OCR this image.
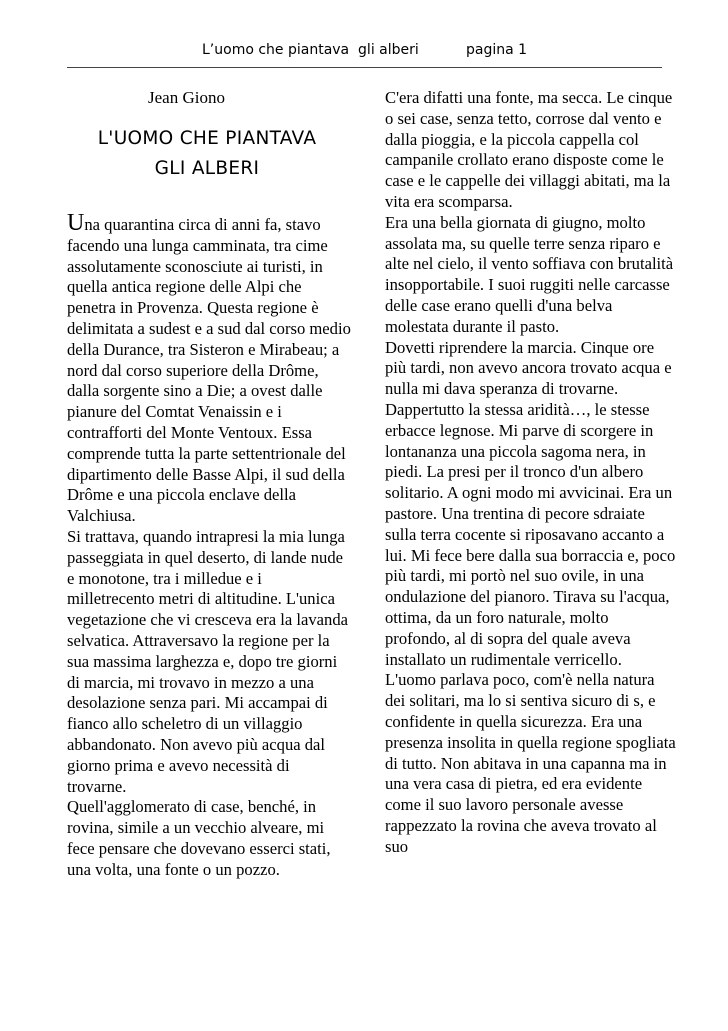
L’uomo che piantava  gli alberi	pagina 1
Jean Giono
L'UOMO CHE PIANTAVA
GLI ALBERI

Una quarantina circa di anni fa, stavo facendo una lunga camminata, tra cime assolutamente sconosciute ai turisti, in quella antica regione delle Alpi che penetra in Provenza. Questa regione è delimitata a sudest e a sud dal corso medio della Durance, tra Sisteron e Mirabeau; a nord dal corso superiore della Drôme, dalla sorgente sino a Die; a ovest dalle pianure del Comtat Venaissin e i contrafforti del Monte Ventoux. Essa comprende tutta la parte settentrionale del dipartimento delle Basse Alpi, il sud della Drôme e una piccola enclave della Valchiusa.

Si trattava, quando intrapresi la mia lunga passeggiata in quel deserto, di lande nude e monotone, tra i milledue e i milletrecento metri di altitudine. L'unica vegetazione che vi cresceva era la lavanda selvatica. Attraversavo la regione per la sua massima larghezza e, dopo tre giorni di marcia, mi trovavo in mezzo a una desolazione senza pari. Mi accampai di fianco allo scheletro di un villaggio abbandonato. Non avevo più acqua dal giorno prima e avevo necessità di trovarne.

Quell'agglomerato di case, benché, in rovina, simile a un vecchio alveare, mi fece pensare che dovevano esserci stati, una volta, una fonte o un pozzo.

C'era difatti una fonte, ma secca. Le cinque o sei case, senza tetto, corrose dal vento e dalla pioggia, e la piccola cappella col campanile crollato erano disposte come le case e le cappelle dei villaggi abitati, ma la vita era scomparsa.

Era una bella giornata di giugno, molto assolata ma, su quelle terre senza riparo e alte nel cielo, il vento soffiava con brutalità insopportabile. I suoi ruggiti nelle carcasse delle case erano quelli d'una belva molestata durante il pasto.

Dovetti riprendere la marcia. Cinque ore più tardi, non avevo ancora trovato acqua e nulla mi dava speranza di trovarne. Dappertutto la stessa aridità…, le stesse erbacce legnose. Mi parve di scorgere in lontananza una piccola sagoma nera, in piedi. La presi per il tronco d'un albero solitario. A ogni modo mi avvicinai. Era un pastore. Una trentina di pecore sdraiate sulla terra cocente si riposavano accanto a lui. Mi fece bere dalla sua borraccia e, poco più tardi, mi portò nel suo ovile, in una ondulazione del pianoro. Tirava su l'acqua, ottima, da un foro naturale, molto profondo, al di sopra del quale aveva installato un rudimentale verricello.

L'uomo parlava poco, com'è nella natura dei solitari, ma lo si sentiva sicuro di s, e confidente in quella sicurezza. Era una presenza insolita in quella regione spogliata di tutto. Non abitava in una capanna ma in una vera casa di pietra, ed era evidente come il suo lavoro personale avesse rappezzato la rovina che aveva trovato al suo
